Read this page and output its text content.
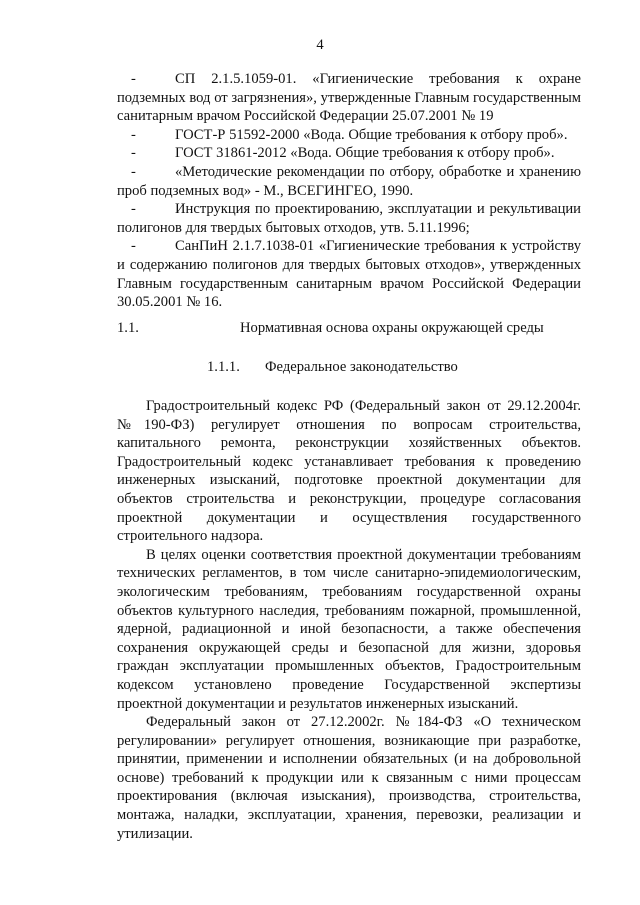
4
-	СП 2.1.5.1059-01. «Гигиенические требования к охране подземных вод от загрязнения», утвержденные Главным государственным санитарным врачом Российской Федерации 25.07.2001 № 19
-	ГОСТ-Р 51592-2000 «Вода. Общие требования к отбору проб».
-	ГОСТ 31861-2012 «Вода. Общие требования к отбору проб».
-	«Методические рекомендации по отбору, обработке и хранению проб подземных вод» - М., ВСЕГИНГЕО, 1990.
-	Инструкция по проектированию, эксплуатации и рекультивации полигонов для твердых бытовых отходов, утв. 5.11.1996;
-	СанПиН 2.1.7.1038-01 «Гигиенические требования к устройству и содержанию полигонов для твердых бытовых отходов», утвержденных Главным государственным санитарным врачом Российской Федерации 30.05.2001 № 16.
1.1.	Нормативная основа охраны окружающей среды
1.1.1. Федеральное законодательство

Градостроительный кодекс РФ (Федеральный закон от 29.12.2004г. №190-ФЗ) регулирует отношения по вопросам строительства, капитального ремонта, реконструкции хозяйственных объектов. Градостроительный кодекс устанавливает требования к проведению инженерных изысканий, подготовке проектной документации для объектов строительства и реконструкции, процедуре согласования проектной документации и осуществления государственного строительного надзора.

В целях оценки соответствия проектной документации требованиям технических регламентов, в том числе санитарно-эпидемиологическим, экологическим требованиям, требованиям государственной охраны объектов культурного наследия, требованиям пожарной, промышленной, ядерной, радиационной и иной безопасности, а также обеспечения сохранения окружающей среды и безопасной для жизни, здоровья граждан эксплуатации промышленных объектов, Градостроительным кодексом установлено проведение Государственной экспертизы проектной документации и результатов инженерных изысканий.

Федеральный закон от 27.12.2002г. №184-ФЗ «О техническом регулировании» регулирует отношения, возникающие при разработке, принятии, применении и исполнении обязательных (и на добровольной основе) требований к продукции или к связанным с ними процессам проектирования (включая изыскания), производства, строительства, монтажа, наладки, эксплуатации, хранения, перевозки, реализации и утилизации.
